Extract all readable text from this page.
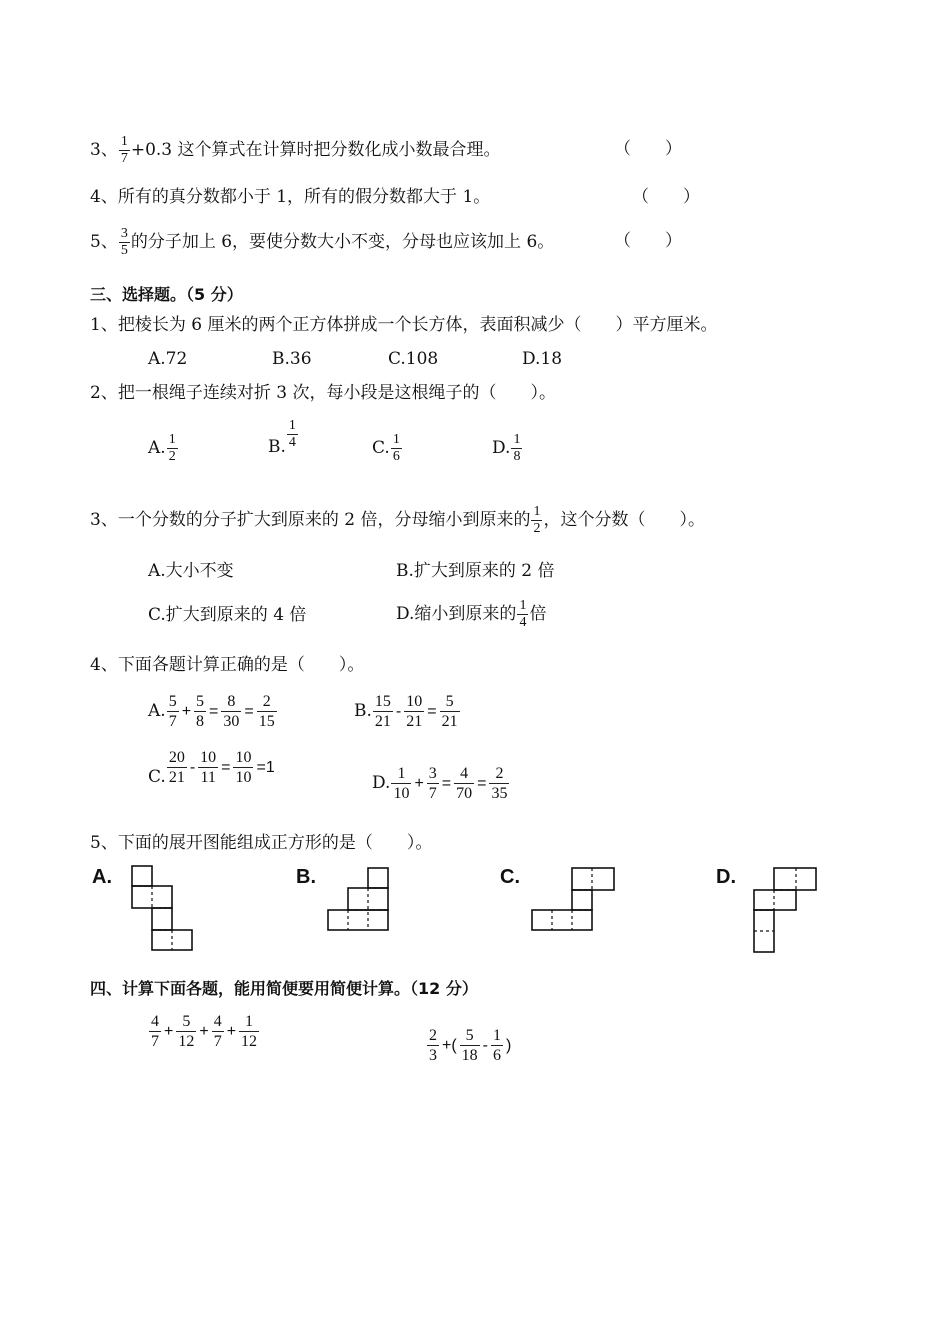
3、 $\frac{1}{7} +0.3$ 这个算式在计算时把分数化成小数最合理。	（　　）
4、所有的真分数都小于 1，所有的假分数都大于 1。	（　　）
5、 $\frac{3}{5}$ 的分子加上 6，要使分数大小不变，分母也应该加上 6。	（　　）
三、选择题。（5 分）
1、把棱长为 6 厘米的两个正方体拼成一个长方体，表面积减少（　　）平方厘米。
A.72	B.36	C.108	D.18
2、把一根绳子连续对折 3 次，每小段是这根绳子的（　　）。
A. $\frac{1}{2}$	B. $\frac{1}{4}$	C. $\frac{1}{6}$	D. $\frac{1}{8}$
3、一个分数的分子扩大到原来的 2 倍，分母缩小到原来的 $\frac{1}{2}$ ，这个分数（　　）。
A.大小不变	B.扩大到原来的 2 倍
C.扩大到原来的 4 倍	D.缩小到原来的 $\frac{1}{4}$ 倍
4、下面各题计算正确的是（　　）。
A. $\frac{5}{7} + \frac{5}{8} = \frac{8}{30} = \frac{2}{15}$	B. $\frac{15}{21} - \frac{10}{21} = \frac{5}{21}$
C. $\frac{20}{21} - \frac{10}{11} = \frac{10}{10} =1$
D. $\frac{1}{10} + \frac{3}{7} = \frac{4}{70} = \frac{2}{35}$
5、下面的展开图能组成正方形的是（　　）。
A.	B.	C.	D.
四、计算下面各题，能用简便要用简便计算。（12 分）
$\frac{4}{7} + \frac{5}{12} + \frac{4}{7} + \frac{1}{12}$	$\frac{2}{3}$ +( $\frac{5}{18} - \frac{1}{6}$ )
